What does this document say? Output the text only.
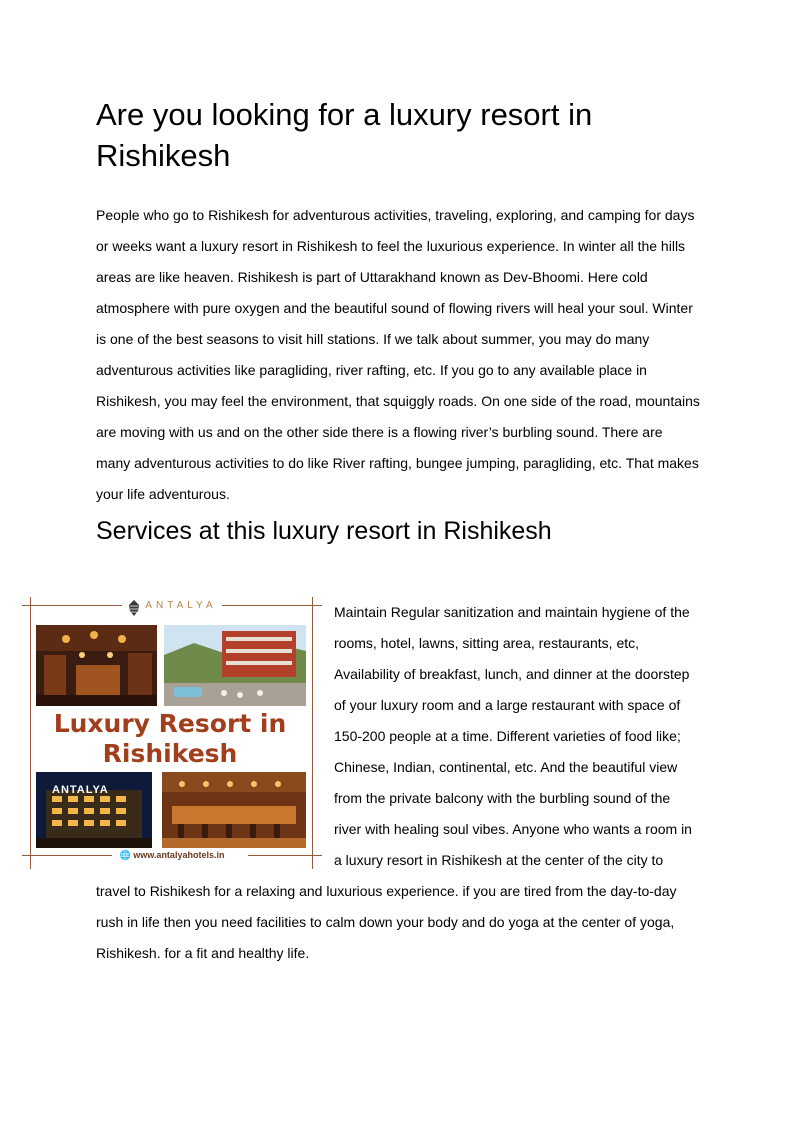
Are you looking for a luxury resort in Rishikesh

People who go to Rishikesh for adventurous activities, traveling, exploring, and camping for days or weeks want a luxury resort in Rishikesh to feel the luxurious experience. In winter all the hills areas are like heaven. Rishikesh is part of Uttarakhand known as Dev-Bhoomi. Here cold atmosphere with pure oxygen and the beautiful sound of flowing rivers will heal your soul. Winter is one of the best seasons to visit hill stations. If we talk about summer, you may do many adventurous activities like paragliding, river rafting, etc. If you go to any available place in Rishikesh, you may feel the environment, that squiggly roads. On one side of the road, mountains are moving with us and on the other side there is a flowing river’s burbling sound. There are many adventurous activities to do like River rafting, bungee jumping, paragliding, etc. That makes your life adventurous.

Services at this luxury resort in Rishikesh
ANTALYA
· · · · · · · · · · · · · · ·
Luxury Resort in
Rishikesh
ANTALYA
🌐 www.antalyahotels.in

Maintain Regular sanitization and maintain hygiene of the rooms, hotel, lawns, sitting area, restaurants, etc, Availability of breakfast, lunch, and dinner at the doorstep of your luxury room and a large restaurant with space of 150-200 people at a time. Different varieties of food like; Chinese, Indian, continental, etc. And the beautiful view from the private balcony with the burbling sound of the river with healing soul vibes. Anyone who wants a room in a luxury resort in Rishikesh at the center of the city to travel to Rishikesh for a relaxing and luxurious experience. if you are tired from the day-to-day rush in life then you need facilities to calm down your body and do yoga at the center of yoga, Rishikesh. for a fit and healthy life.
